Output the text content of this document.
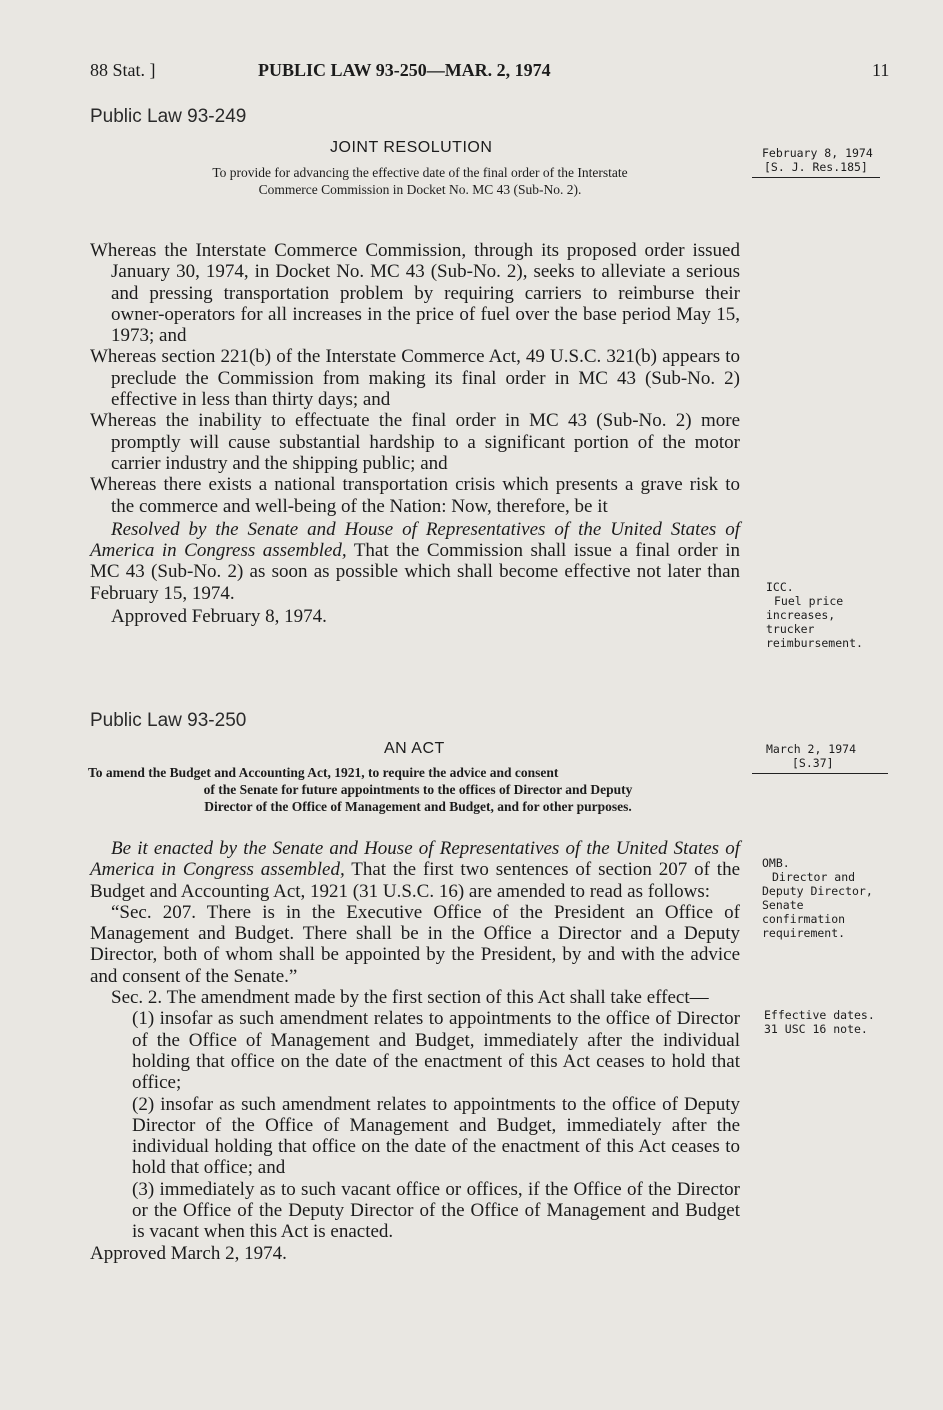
88 Stat. ]	PUBLIC LAW 93-250—MAR. 2, 1974	11
Public Law 93-249
JOINT RESOLUTION
To provide for advancing the effective date of the final order of the Interstate
Commerce Commission in Docket No. MC 43 (Sub-No. 2).
February 8, 1974
[S. J. Res.185]

Whereas the Interstate Commerce Commission, through its proposed order issued January 30, 1974, in Docket No. MC 43 (Sub-No. 2), seeks to alleviate a serious and pressing transportation problem by requiring carriers to reimburse their owner-operators for all increases in the price of fuel over the base period May 15, 1973; and

Whereas section 221(b) of the Interstate Commerce Act, 49 U.S.C. 321(b) appears to preclude the Commission from making its final order in MC 43 (Sub-No. 2) effective in less than thirty days; and

Whereas the inability to effectuate the final order in MC 43 (Sub-No. 2) more promptly will cause substantial hardship to a significant portion of the motor carrier industry and the shipping public; and

Whereas there exists a national transportation crisis which presents a grave risk to the commerce and well-being of the Nation: Now, therefore, be it

Resolved by the Senate and House of Representatives of the United States of America in Congress assembled, That the Commission shall issue a final order in MC 43 (Sub-No. 2) as soon as possible which shall become effective not later than February 15, 1974.

Approved February 8, 1974.

ICC.
Fuel price increases, trucker reimbursement.
Public Law 93-250
AN ACT
To amend the Budget and Accounting Act, 1921, to require the advice and consent
of the Senate for future appointments to the offices of Director and Deputy
Director of the Office of Management and Budget, and for other purposes.
March 2, 1974
[S.37]

Be it enacted by the Senate and House of Representatives of the United States of America in Congress assembled, That the first two sentences of section 207 of the Budget and Accounting Act, 1921 (31 U.S.C. 16) are amended to read as follows:

“Sec. 207. There is in the Executive Office of the President an Office of Management and Budget. There shall be in the Office a Director and a Deputy Director, both of whom shall be appointed by the President, by and with the advice and consent of the Senate.”

Sec. 2. The amendment made by the first section of this Act shall take effect—

(1) insofar as such amendment relates to appointments to the office of Director of the Office of Management and Budget, immediately after the individual holding that office on the date of the enactment of this Act ceases to hold that office;

(2) insofar as such amendment relates to appointments to the office of Deputy Director of the Office of Management and Budget, immediately after the individual holding that office on the date of the enactment of this Act ceases to hold that office; and

(3) immediately as to such vacant office or offices, if the Office of the Director or the Office of the Deputy Director of the Office of Management and Budget is vacant when this Act is enacted.

Approved March 2, 1974.

OMB.
Director and Deputy Director, Senate confirmation requirement.
Effective dates.
31 USC 16 note.
